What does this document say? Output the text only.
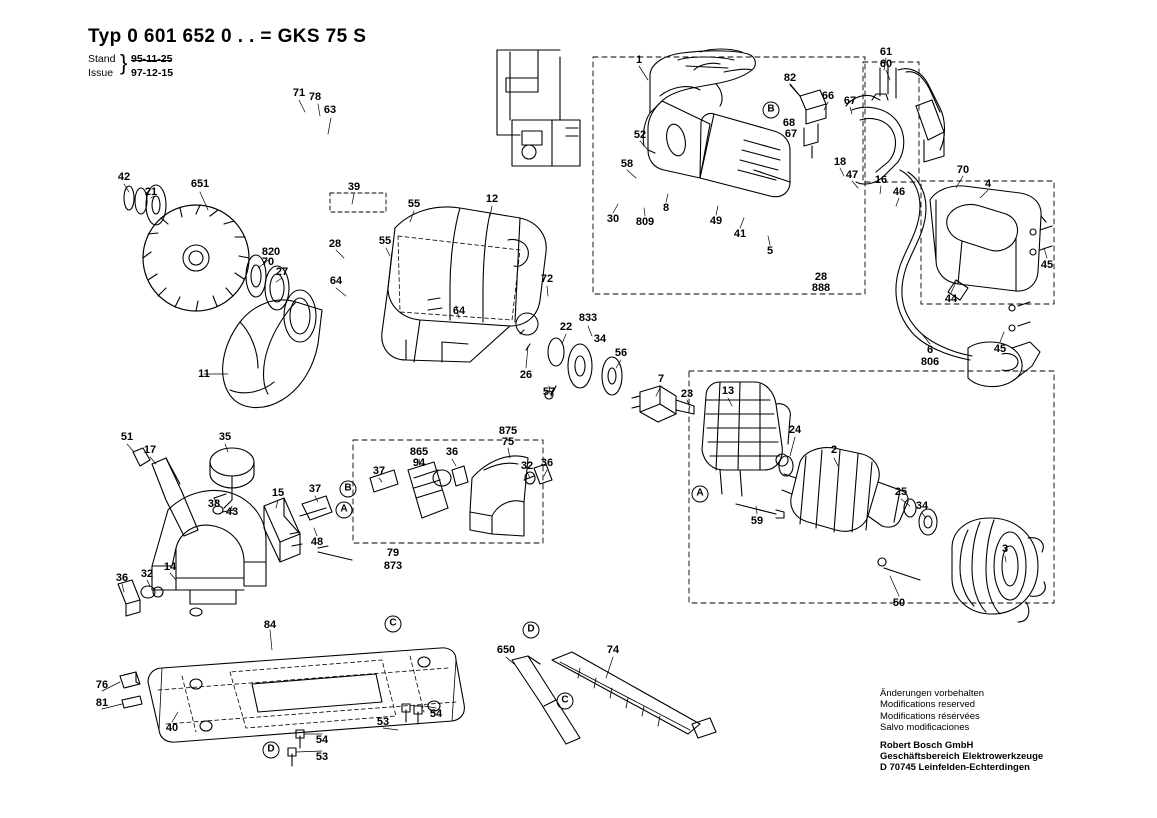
Typ 0 601 652 0 . . = GKS 75 S
Stand
Issue } 95-11-25
97-12-15
71 78
63
42
21
651	39
55	12
820
70
28	55
27
64
64
72
833
34
22
56
26
57
11	7
23	13
24
2
59
25
34
3
50
1
82
66 67
61
60
68
67
52
58	18
47 16
46
70
4
30 809
8
49
41
5
888
28
45
45
44
6
806
51
17
35
38
43
15 37
37
865
94
36
875
75
32 36
48
79
873
36 32
14
84
76
81
40	53
54
54
53
650	74
A
A
B
B
C
C
D
D
Änderungen vorbehalten
Modifications reserved
Modifications résérvées
Salvo modificaciones
Robert Bosch GmbH
Geschäftsbereich Elektrowerkzeuge
D 70745 Leinfelden-Echterdingen
